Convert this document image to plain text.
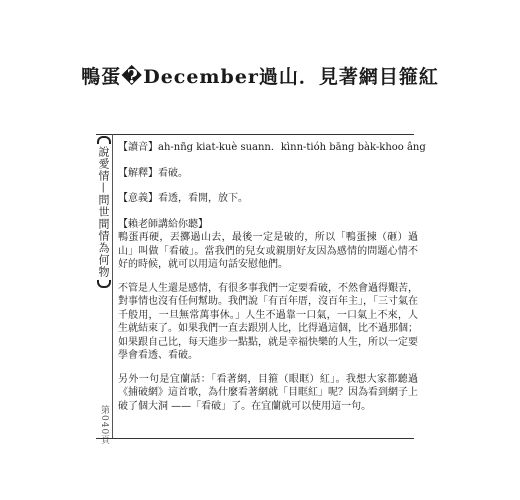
鴨蛋�December過山．見著網目箍紅
說愛情—問世間情為何物
第040頁
【讀音】ah-nñg kiat-kuè suann．kìnn-tióh bāng bàk-khoo âng
【解釋】看破。
【意義】看透，看開，放下。
【賴老師講給你聽】
鴨蛋再硬，丟擲過山去，最後一定是破的，所以「鴨蛋揀（砸）過山」叫做「看破」。當我們的兒女或親朋好友因為感情的問題心情不好的時候，就可以用這句話安慰他們。
不管是人生還是感情，有很多事我們一定要看破，不然會過得艱苦，對事情也沒有任何幫助。我們說「有百年厝，沒百年主」，「三寸氣在千般用，一旦無常萬事休。」人生不過靠一口氣，一口氣上不來，人生就結束了。如果我們一直去跟別人比，比得過這個，比不過那個；如果跟自己比，每天進步一點點，就是幸福快樂的人生，所以一定要學會看透、看破。
另外一句是宜蘭話：「看著網，目箍（眼眶）紅」。我想大家都聽過《捕破網》這首歌，為什麼看著網就「目眶紅」呢？因為看到網子上破了個大洞 ——「看破」了。在宜蘭就可以使用這一句。
